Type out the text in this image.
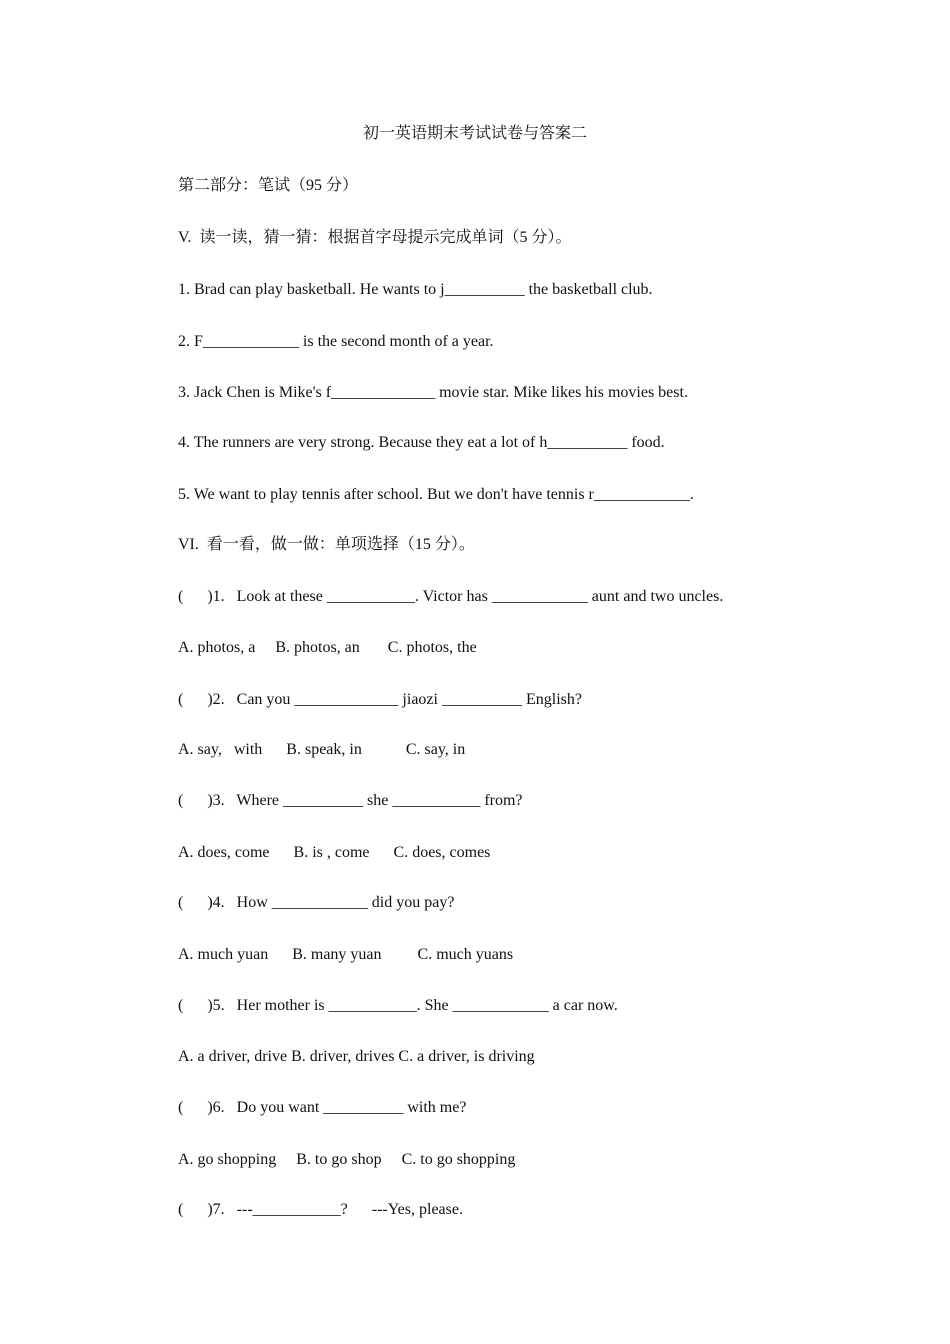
初一英语期末考试试卷与答案二
第二部分：笔试（95 分）
V.  读一读，猜一猜：根据首字母提示完成单词（5 分）。
1. Brad can play basketball. He wants to j__________ the basketball club.
2. F____________ is the second month of a year.
3. Jack Chen is Mike's f_____________ movie star. Mike likes his movies best.
4. The runners are very strong. Because they eat a lot of h__________ food.
5. We want to play tennis after school. But we don't have tennis r____________.
VI.  看一看，做一做：单项选择（15 分）。
(      )1.   Look at these ___________. Victor has ____________ aunt and two uncles.
A. photos, a     B. photos, an       C. photos, the
(      )2.   Can you _____________ jiaozi __________ English?
A. say,   with      B. speak, in           C. say, in
(      )3.   Where __________ she ___________ from?
A. does, come      B. is , come      C. does, comes
(      )4.   How ____________ did you pay?
A. much yuan      B. many yuan         C. much yuans
(      )5.   Her mother is ___________. She ____________ a car now.
A. a driver, drive B. driver, drives C. a driver, is driving
(      )6.   Do you want __________ with me?
A. go shopping     B. to go shop     C. to go shopping
(      )7.   ---___________?      ---Yes, please.
